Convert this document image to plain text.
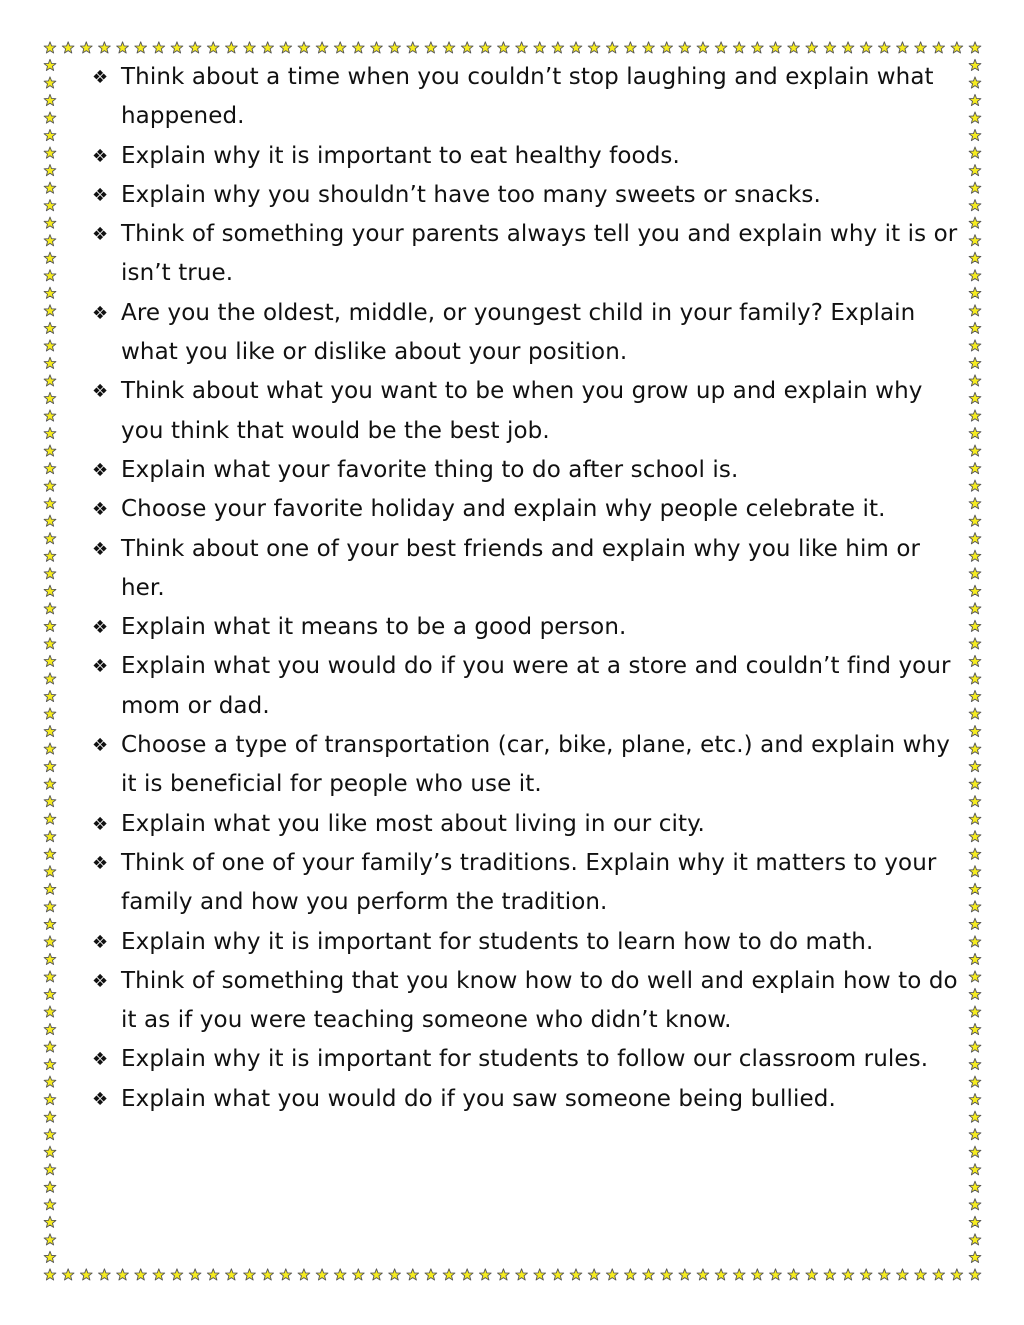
❖ Think about a time when you couldn’t stop laughing and explain what happened.
❖ Explain why it is important to eat healthy foods.
❖ Explain why you shouldn’t have too many sweets or snacks.
❖ Think of something your parents always tell you and explain why it is or isn’t true.
❖ Are you the oldest, middle, or youngest child in your family? Explain what you like or dislike about your position.
❖ Think about what you want to be when you grow up and explain why you think that would be the best job.
❖ Explain what your favorite thing to do after school is.
❖ Choose your favorite holiday and explain why people celebrate it.
❖ Think about one of your best friends and explain why you like him or her.
❖ Explain what it means to be a good person.
❖ Explain what you would do if you were at a store and couldn’t find your mom or dad.
❖ Choose a type of transportation (car, bike, plane, etc.) and explain why it is beneficial for people who use it.
❖ Explain what you like most about living in our city.
❖ Think of one of your family’s traditions. Explain why it matters to your family and how you perform the tradition.
❖ Explain why it is important for students to learn how to do math.
❖ Think of something that you know how to do well and explain how to do it as if you were teaching someone who didn’t know.
❖ Explain why it is important for students to follow our classroom rules.
❖ Explain what you would do if you saw someone being bullied.
